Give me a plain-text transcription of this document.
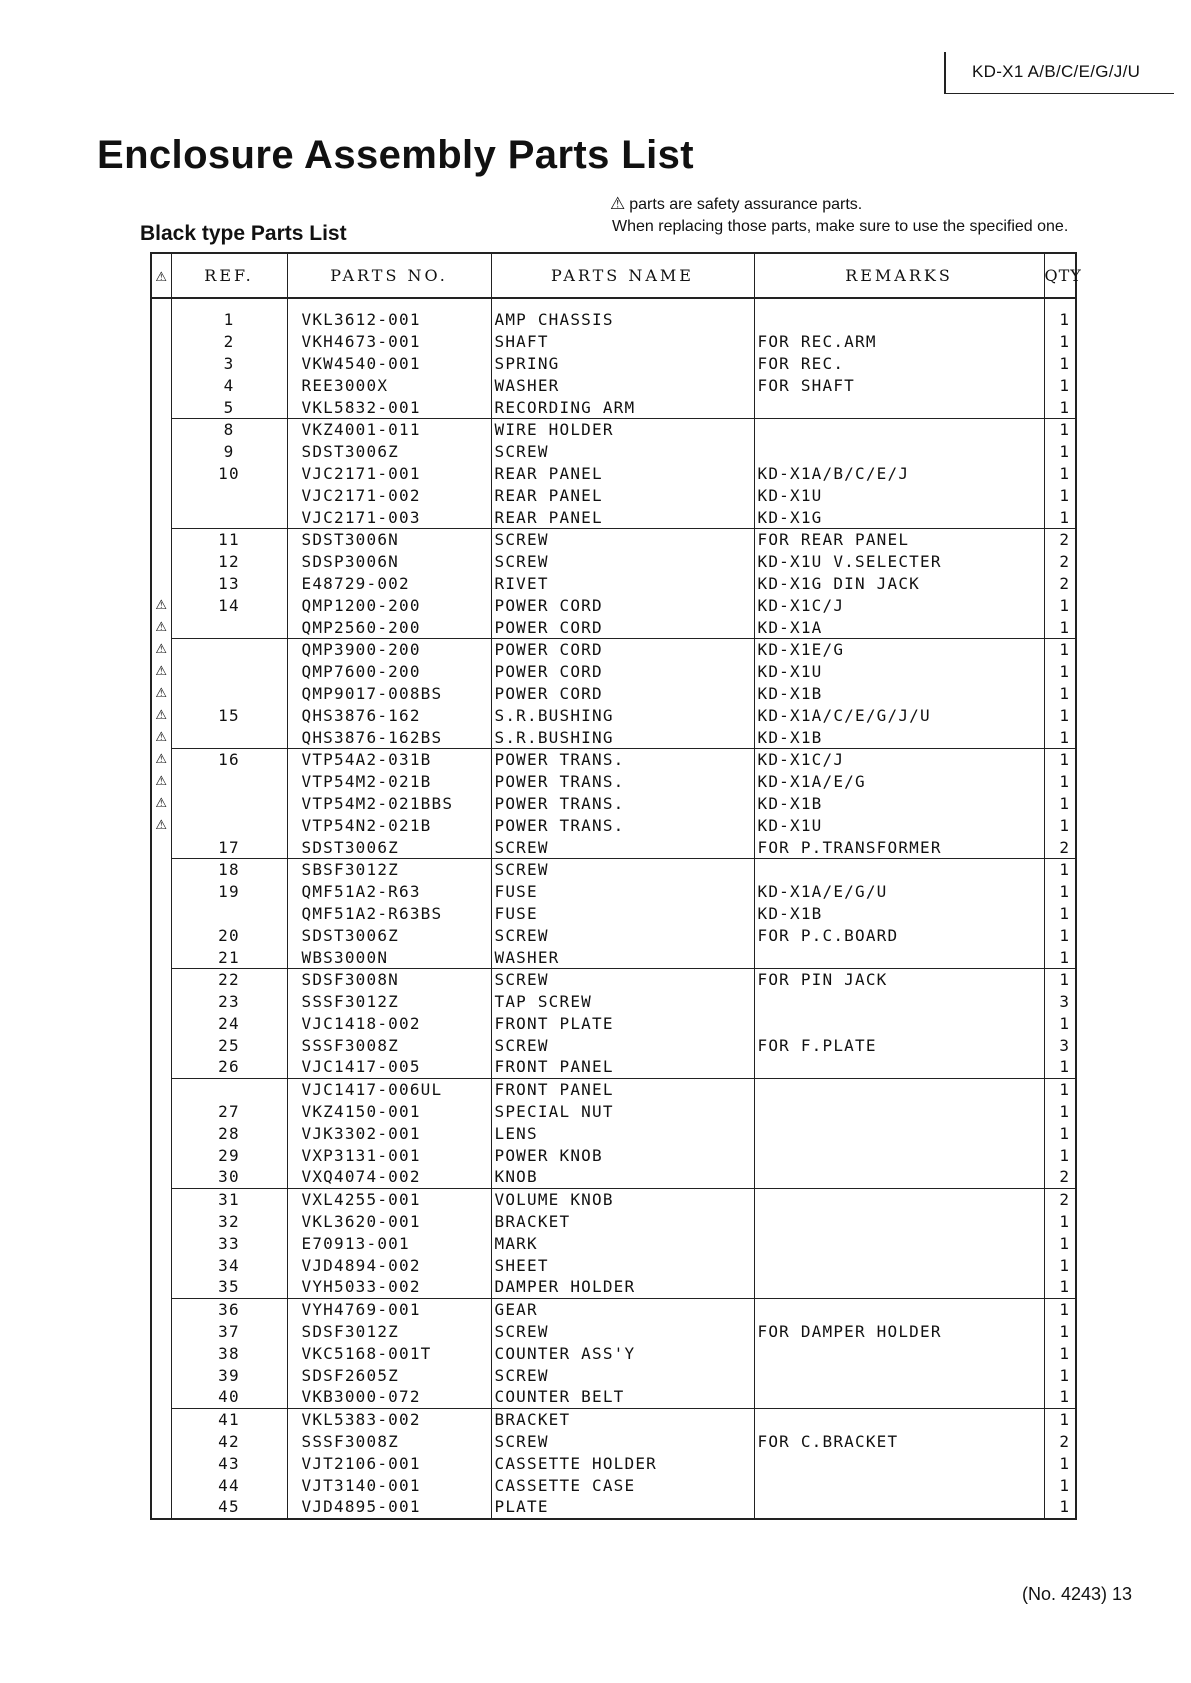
KD-X1 A/B/C/E/G/J/U
Enclosure Assembly Parts List
⚠ parts are safety assurance parts.
When replacing those parts, make sure to use the specified one.
Black type Parts List
⚠	REF.	PARTS NO.	PARTS NAME	REMARKS	QTY

	1	VKL3612-001	AMP CHASSIS		1
	2	VKH4673-001	SHAFT	FOR REC.ARM	1
	3	VKW4540-001	SPRING	FOR REC.	1
	4	REE3000X	WASHER	FOR SHAFT	1
	5	VKL5832-001	RECORDING ARM		1
	8	VKZ4001-011	WIRE HOLDER		1
	9	SDST3006Z	SCREW		1
	10	VJC2171-001	REAR PANEL	KD-X1A/B/C/E/J	1
		VJC2171-002	REAR PANEL	KD-X1U	1
		VJC2171-003	REAR PANEL	KD-X1G	1
	11	SDST3006N	SCREW	FOR REAR PANEL	2
	12	SDSP3006N	SCREW	KD-X1U V.SELECTER	2
	13	E48729-002	RIVET	KD-X1G DIN JACK	2
⚠	14	QMP1200-200	POWER CORD	KD-X1C/J	1
⚠		QMP2560-200	POWER CORD	KD-X1A	1
⚠		QMP3900-200	POWER CORD	KD-X1E/G	1
⚠		QMP7600-200	POWER CORD	KD-X1U	1
⚠		QMP9017-008BS	POWER CORD	KD-X1B	1
⚠	15	QHS3876-162	S.R.BUSHING	KD-X1A/C/E/G/J/U	1
⚠		QHS3876-162BS	S.R.BUSHING	KD-X1B	1
⚠	16	VTP54A2-031B	POWER TRANS.	KD-X1C/J	1
⚠		VTP54M2-021B	POWER TRANS.	KD-X1A/E/G	1
⚠		VTP54M2-021BBS	POWER TRANS.	KD-X1B	1
⚠		VTP54N2-021B	POWER TRANS.	KD-X1U	1
	17	SDST3006Z	SCREW	FOR P.TRANSFORMER	2
	18	SBSF3012Z	SCREW		1
	19	QMF51A2-R63	FUSE	KD-X1A/E/G/U	1
		QMF51A2-R63BS	FUSE	KD-X1B	1
	20	SDST3006Z	SCREW	FOR P.C.BOARD	1
	21	WBS3000N	WASHER		1
	22	SDSF3008N	SCREW	FOR PIN JACK	1
	23	SSSF3012Z	TAP SCREW		3
	24	VJC1418-002	FRONT PLATE		1
	25	SSSF3008Z	SCREW	FOR F.PLATE	3
	26	VJC1417-005	FRONT PANEL		1
		VJC1417-006UL	FRONT PANEL		1
	27	VKZ4150-001	SPECIAL NUT		1
	28	VJK3302-001	LENS		1
	29	VXP3131-001	POWER KNOB		1
	30	VXQ4074-002	KNOB		2
	31	VXL4255-001	VOLUME KNOB		2
	32	VKL3620-001	BRACKET		1
	33	E70913-001	MARK		1
	34	VJD4894-002	SHEET		1
	35	VYH5033-002	DAMPER HOLDER		1
	36	VYH4769-001	GEAR		1
	37	SDSF3012Z	SCREW	FOR DAMPER HOLDER	1
	38	VKC5168-001T	COUNTER ASS'Y		1
	39	SDSF2605Z	SCREW		1
	40	VKB3000-072	COUNTER BELT		1
	41	VKL5383-002	BRACKET		1
	42	SSSF3008Z	SCREW	FOR C.BRACKET	2
	43	VJT2106-001	CASSETTE HOLDER		1
	44	VJT3140-001	CASSETTE CASE		1
	45	VJD4895-001	PLATE		1
(No. 4243) 13
